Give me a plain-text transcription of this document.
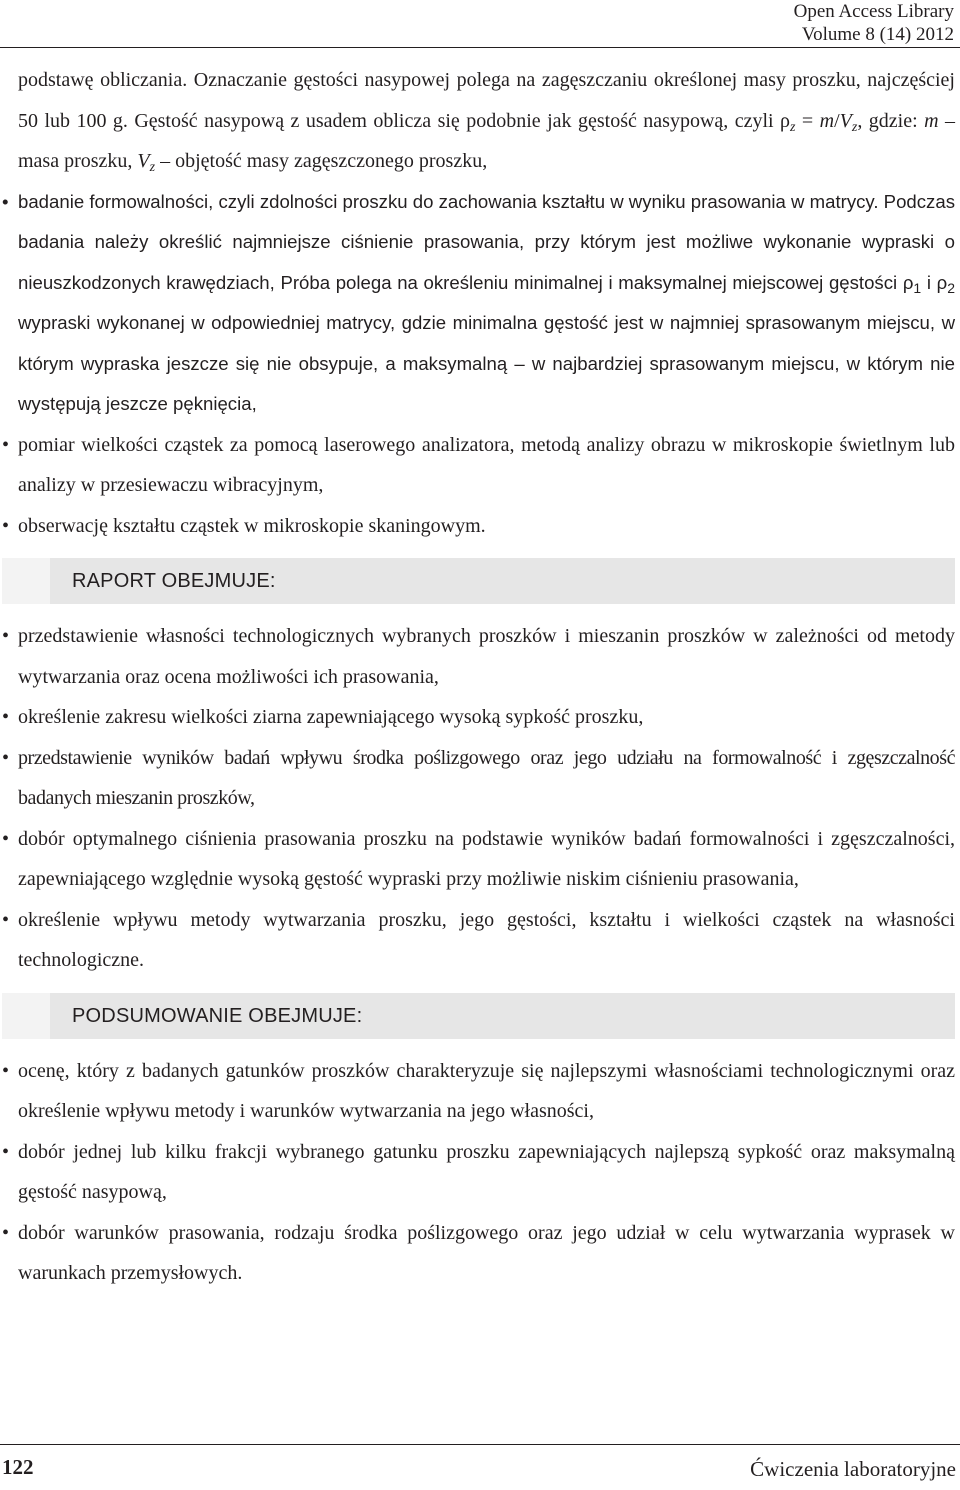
Open Access Library
Volume 8 (14) 2012

podstawę obliczania. Oznaczanie gęstości nasypowej polega na zagęszczaniu określonej masy proszku, najczęściej 50 lub 100 g. Gęstość nasypową z usadem oblicza się podobnie jak gęstość nasypową, czyli $\rho_z = m/V_z$, gdzie: m – masa proszku, $V_z$ – objętość masy zagęszczonego proszku,

• badanie formowalności, czyli zdolności proszku do zachowania kształtu w wyniku prasowania w matrycy. Podczas badania należy określić najmniejsze ciśnienie prasowania, przy którym jest możliwe wykonanie wypraski o nieuszkodzonych krawędziach, Próba polega na określeniu minimalnej i maksymalnej miejscowej gęstości $\rho_1$ i $\rho_2$ wypraski wykonanej w odpowiedniej matrycy, gdzie minimalna gęstość jest w najmniej sprasowanym miejscu, w którym wypraska jeszcze się nie obsypuje, a maksymalną – w najbardziej sprasowanym miejscu, w którym nie występują jeszcze pęknięcia,
• pomiar wielkości cząstek za pomocą laserowego analizatora, metodą analizy obrazu w mikroskopie świetlnym lub analizy w przesiewaczu wibracyjnym,
• obserwację kształtu cząstek w mikroskopie skaningowym.
RAPORT OBEJMUJE:
• przedstawienie własności technologicznych wybranych proszków i mieszanin proszków w zależności od metody wytwarzania oraz ocena możliwości ich prasowania,
• określenie zakresu wielkości ziarna zapewniającego wysoką sypkość proszku,
• przedstawienie wyników badań wpływu środka poślizgowego oraz jego udziału na formowalność i zgęszczalność badanych mieszanin proszków,
• dobór optymalnego ciśnienia prasowania proszku na podstawie wyników badań formowalności i zgęszczalności, zapewniającego względnie wysoką gęstość wypraski przy możliwie niskim ciśnieniu prasowania,
• określenie wpływu metody wytwarzania proszku, jego gęstości, kształtu i wielkości cząstek na własności technologiczne.
PODSUMOWANIE OBEJMUJE:
• ocenę, który z badanych gatunków proszków charakteryzuje się najlepszymi własnościami technologicznymi oraz określenie wpływu metody i warunków wytwarzania na jego własności,
• dobór jednej lub kilku frakcji wybranego gatunku proszku zapewniających najlepszą sypkość oraz maksymalną gęstość nasypową,
• dobór warunków prasowania, rodzaju środka poślizgowego oraz jego udział w celu wytwarzania wyprasek w warunkach przemysłowych.
122	Ćwiczenia laboratoryjne
